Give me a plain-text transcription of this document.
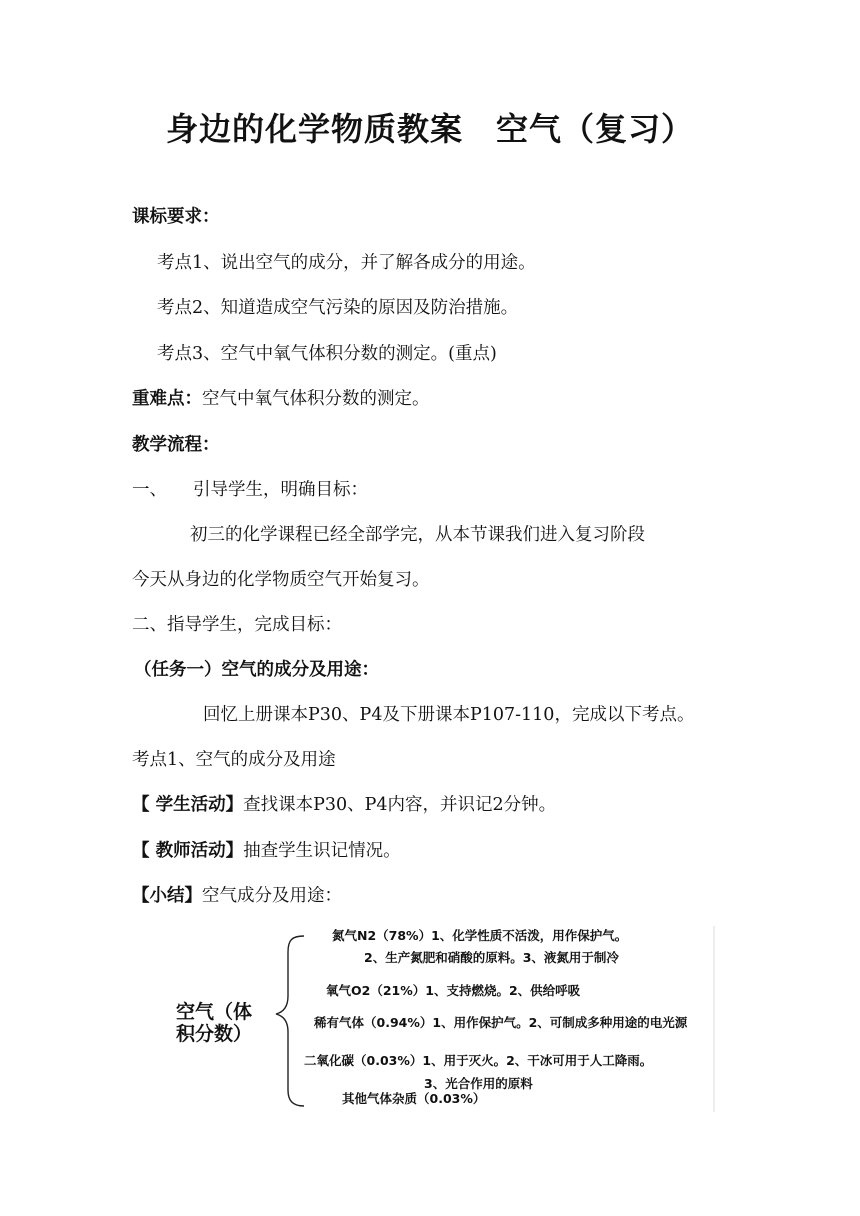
身边的化学物质教案　空气（复习）
课标要求：
考点1、说出空气的成分，并了解各成分的用途。
考点2、知道造成空气污染的原因及防治措施。
考点3、空气中氧气体积分数的测定。(重点)
重难点：空气中氧气体积分数的测定。
教学流程：
一、 引导学生，明确目标：
初三的化学课程已经全部学完，从本节课我们进入复习阶段
今天从身边的化学物质空气开始复习。
二、指导学生，完成目标：
（任务一）空气的成分及用途：
回忆上册课本P30、P4及下册课本P107-110，完成以下考点。
考点1、空气的成分及用途
【 学生活动】查找课本P30、P4内容，并识记2分钟。
【 教师活动】抽查学生识记情况。
【小结】空气成分及用途：
空气（体
积分数）
氮气N2（78%）1、化学性质不活泼，用作保护气。
2、生产氮肥和硝酸的原料。3、液氮用于制冷
氧气O2（21%）1、支持燃烧。2、供给呼吸
稀有气体（0.94%）1、用作保护气。2、可制成多种用途的电光源
二氧化碳（0.03%）1、用于灭火。2、干冰可用于人工降雨。
3、光合作用的原料
其他气体杂质（0.03%）
